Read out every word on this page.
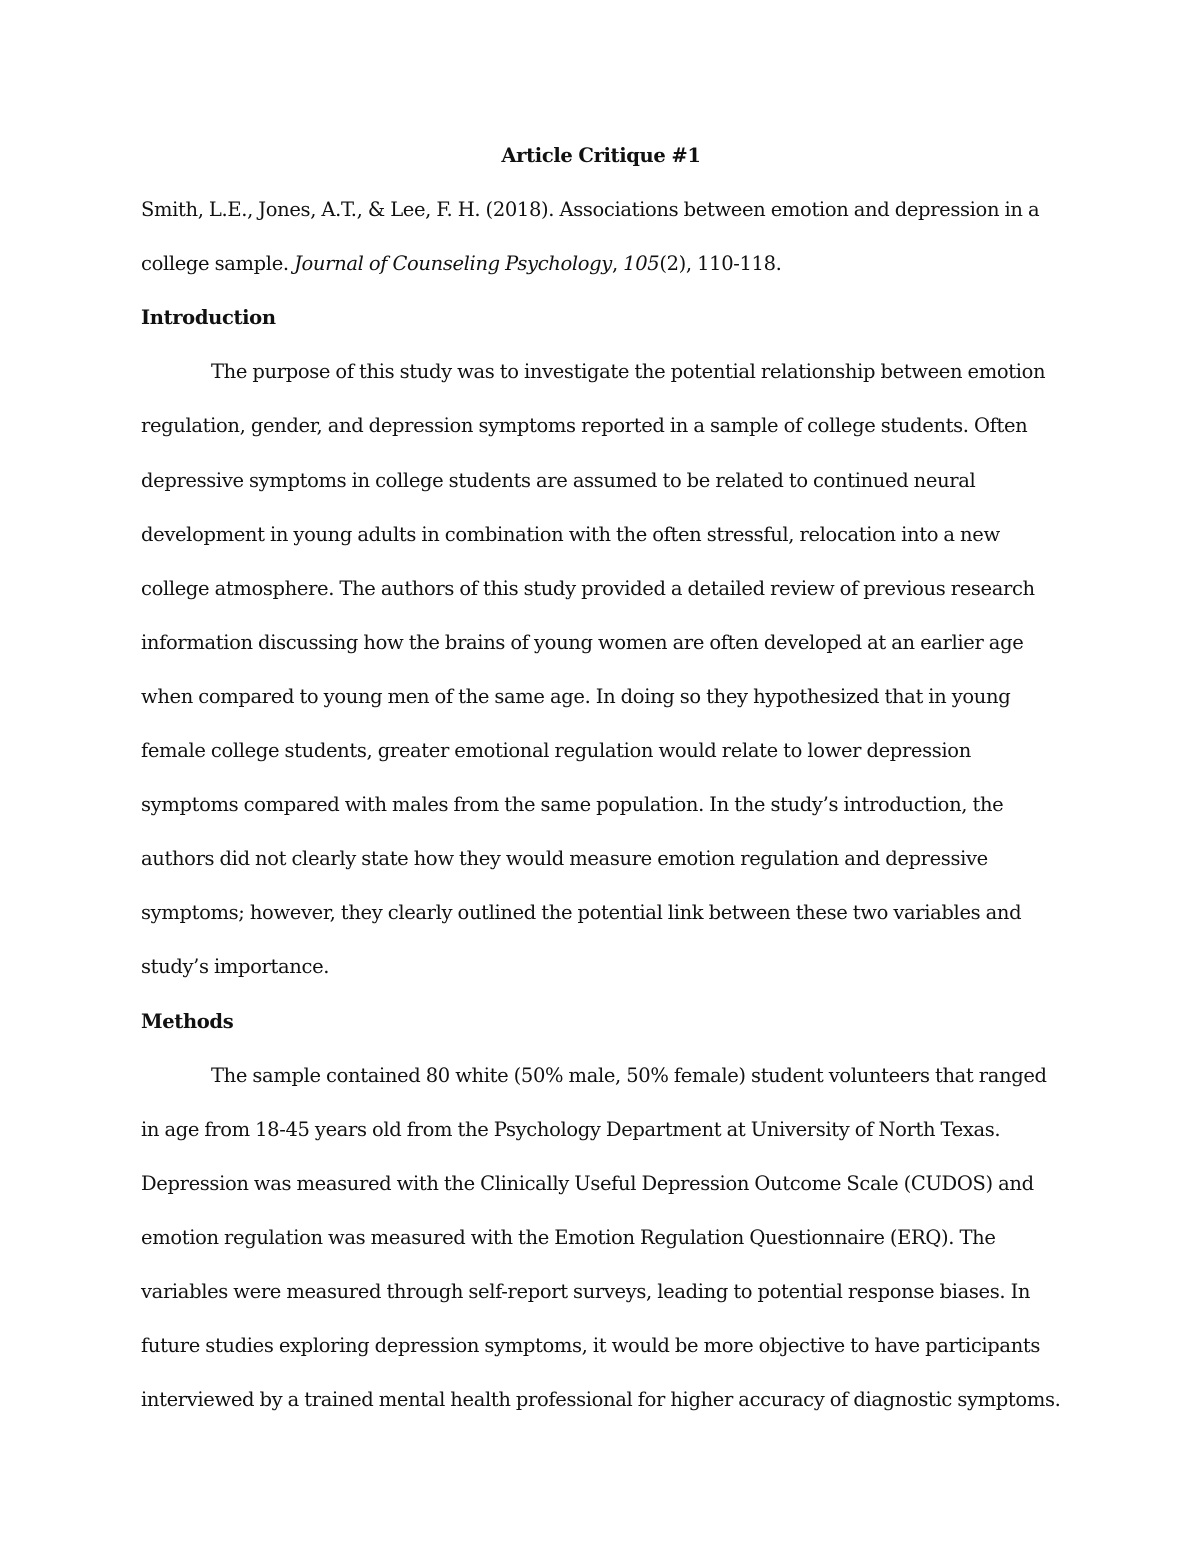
Article Critique #1

Smith, L.E., Jones, A.T., & Lee, F. H. (2018). Associations between emotion and depression in a college sample. Journal of Counseling Psychology, 105(2), 110-118.

Introduction

The purpose of this study was to investigate the potential relationship between emotion regulation, gender, and depression symptoms reported in a sample of college students. Often depressive symptoms in college students are assumed to be related to continued neural development in young adults in combination with the often stressful, relocation into a new college atmosphere. The authors of this study provided a detailed review of previous research information discussing how the brains of young women are often developed at an earlier age when compared to young men of the same age. In doing so they hypothesized that in young female college students, greater emotional regulation would relate to lower depression symptoms compared with males from the same population. In the study’s introduction, the authors did not clearly state how they would measure emotion regulation and depressive symptoms; however, they clearly outlined the potential link between these two variables and study’s importance.

Methods

The sample contained 80 white (50% male, 50% female) student volunteers that ranged in age from 18-45 years old from the Psychology Department at University of North Texas. Depression was measured with the Clinically Useful Depression Outcome Scale (CUDOS) and emotion regulation was measured with the Emotion Regulation Questionnaire (ERQ). The variables were measured through self-report surveys, leading to potential response biases. In future studies exploring depression symptoms, it would be more objective to have participants interviewed by a trained mental health professional for higher accuracy of diagnostic symptoms.
